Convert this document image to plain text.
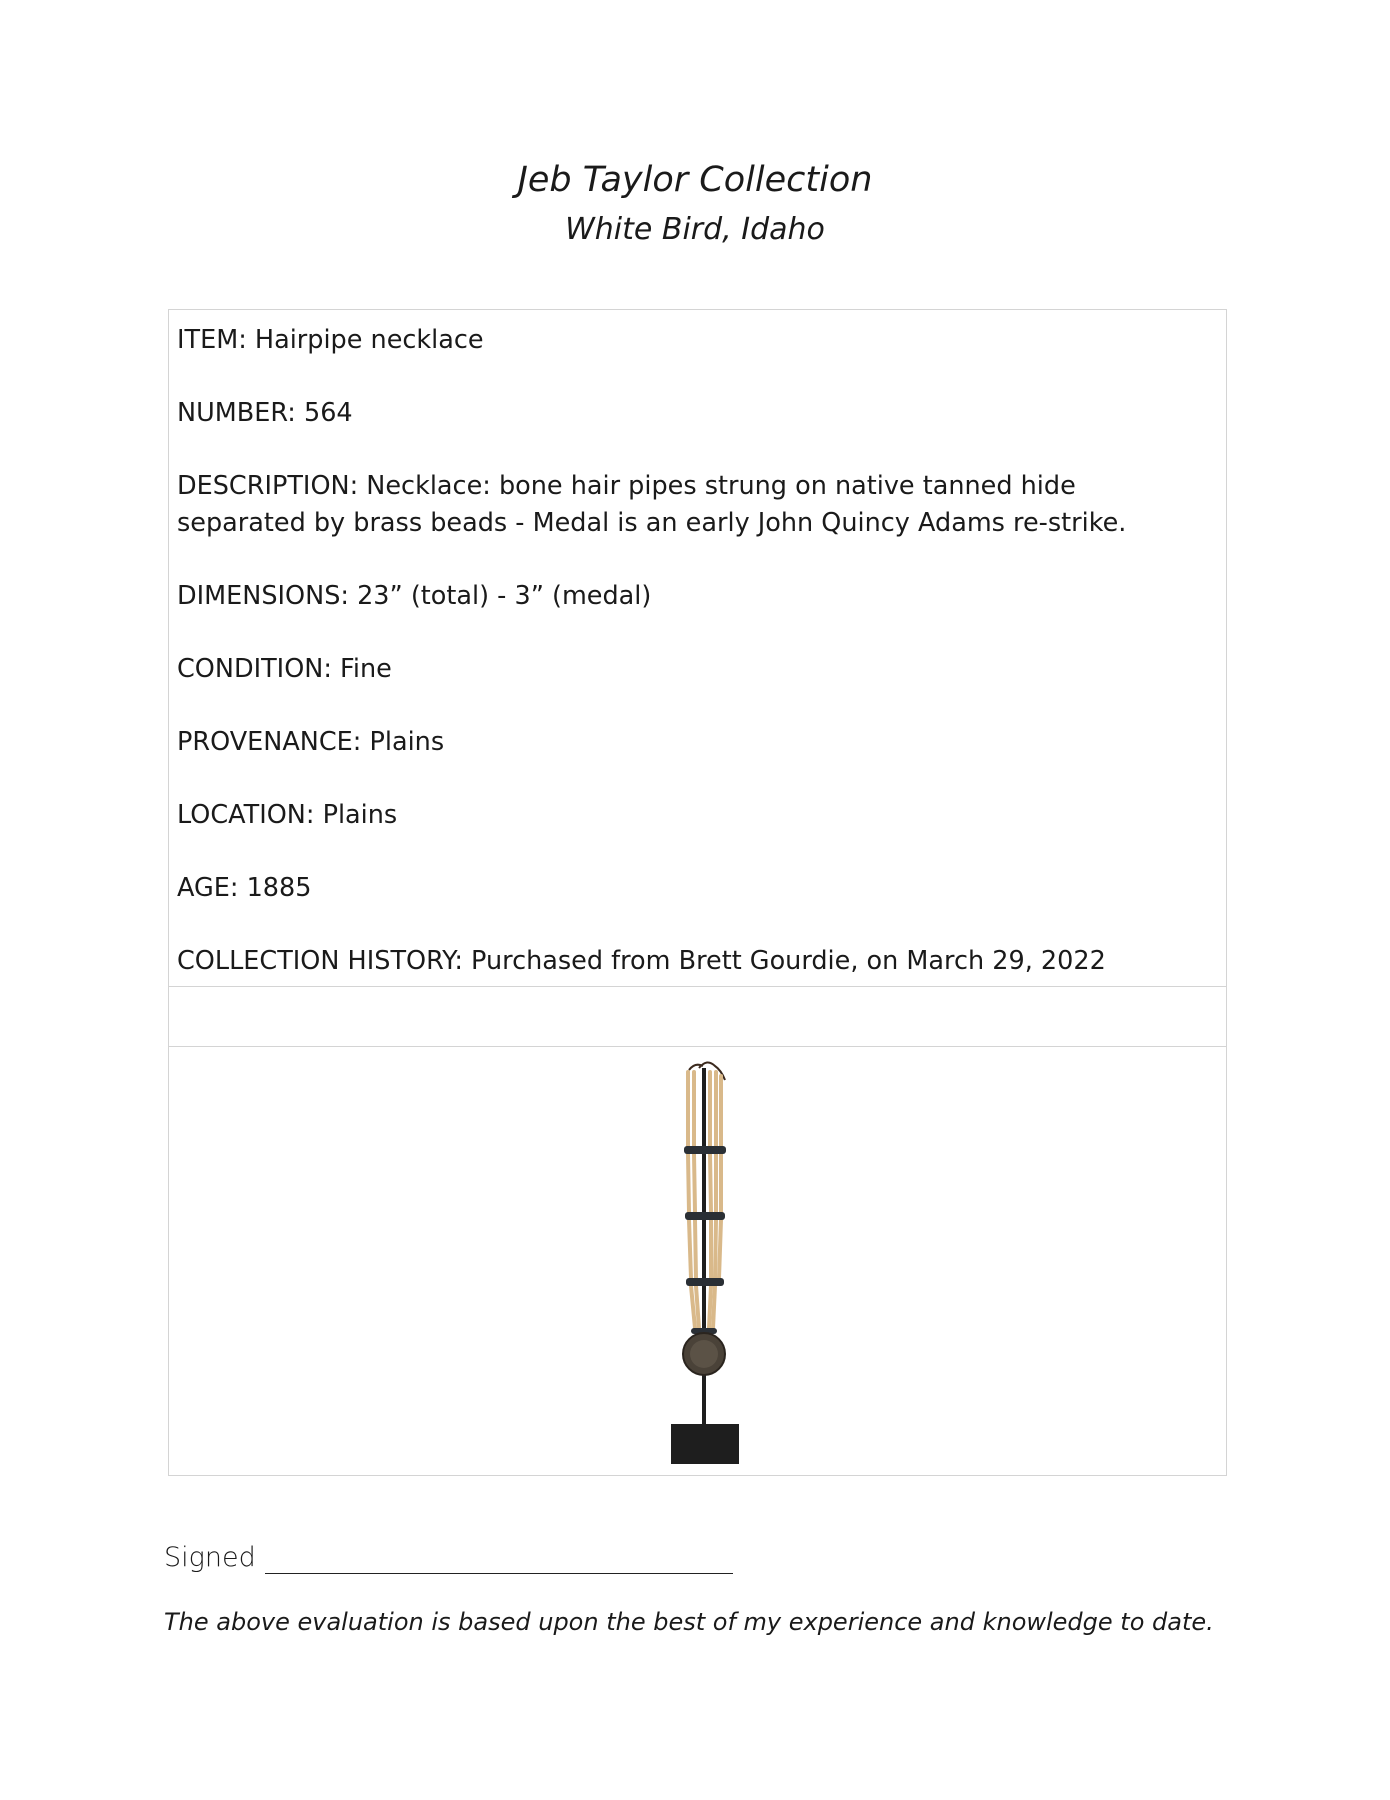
Jeb Taylor Collection
White Bird, Idaho
ITEM: Hairpipe necklace
NUMBER: 564
DESCRIPTION: Necklace: bone hair pipes strung on native tanned hide separated by brass beads - Medal is an early John Quincy Adams re-strike.
DIMENSIONS: 23” (total) - 3” (medal)
CONDITION: Fine
PROVENANCE: Plains
LOCATION: Plains
AGE: 1885
COLLECTION HISTORY: Purchased from Brett Gourdie, on March 29, 2022
Signed
The above evaluation is based upon the best of my experience and knowledge to date.
